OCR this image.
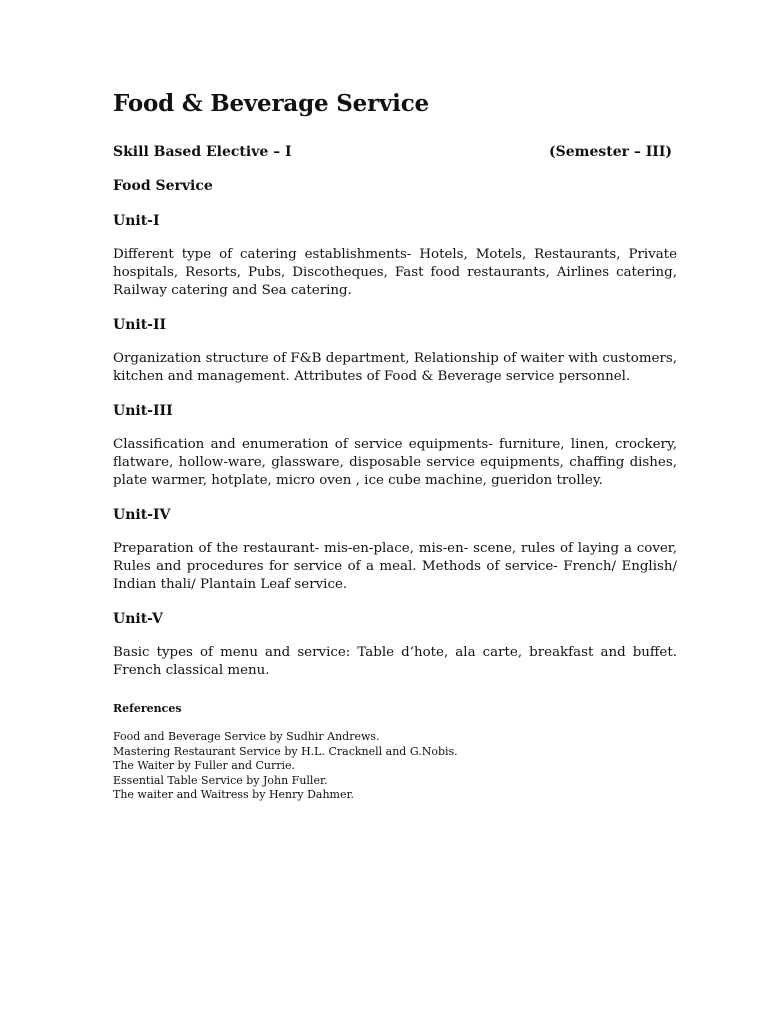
Food & Beverage Service
Skill Based Elective – I	(Semester – III)
Food Service
Unit-I

Different type of catering establishments- Hotels, Motels, Restaurants, Private hospitals, Resorts, Pubs, Discotheques, Fast food restaurants, Airlines catering, Railway catering and Sea catering.

Unit-II

Organization structure of F&B department, Relationship of waiter with customers, kitchen and management. Attributes of Food & Beverage service personnel.

Unit-III

Classification and enumeration of service equipments- furniture, linen, crockery, flatware, hollow-ware, glassware, disposable service equipments, chaffing dishes, plate warmer, hotplate, micro oven , ice cube machine, gueridon trolley.

Unit-IV

Preparation of the restaurant- mis-en-place, mis-en- scene, rules of laying a cover, Rules and procedures for service of a meal. Methods of service- French/ English/ Indian thali/ Plantain Leaf service.

Unit-V

Basic types of menu and service: Table d’hote, ala carte, breakfast and buffet. French classical menu.

References
Food and Beverage Service by Sudhir Andrews.
Mastering Restaurant Service by H.L. Cracknell and G.Nobis.
The Waiter by Fuller and Currie.
Essential Table Service by John Fuller.
The waiter and Waitress by Henry Dahmer.
